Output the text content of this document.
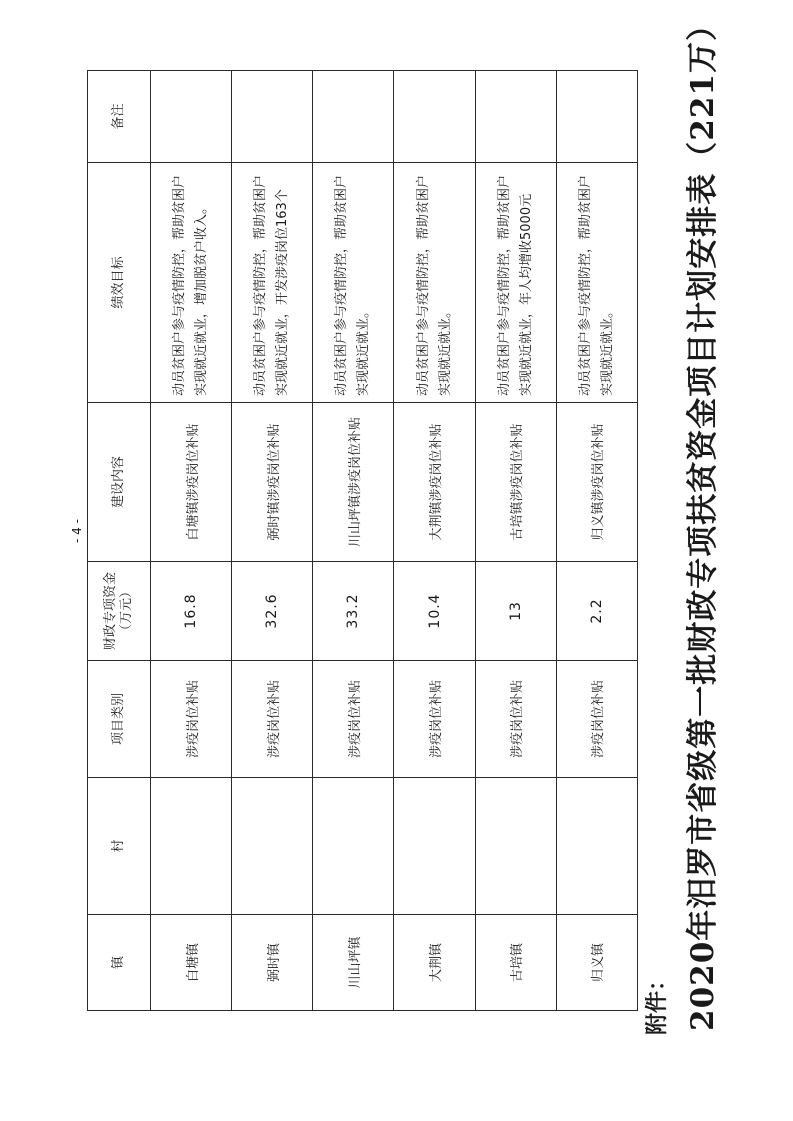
附件： 2020年汨罗市省级第一批财政专项扶贫资金项目计划安排表（221万）
镇	村	项目类别	财政专项资金（万元）	建设内容	绩效目标	备注
白塘镇		涉疫岗位补贴	16.8	白塘镇涉疫岗位补贴	动员贫困户参与疫情防控，帮助贫困户实现就近就业，增加脱贫户收入。	
弼时镇		涉疫岗位补贴	32.6	弼时镇涉疫岗位补贴	动员贫困户参与疫情防控，帮助贫困户实现就近就业，开发涉疫岗位163个	
川山坪镇		涉疫岗位补贴	33.2	川山坪镇涉疫岗位补贴	动员贫困户参与疫情防控，帮助贫困户实现就近就业。	
大荆镇		涉疫岗位补贴	10.4	大荆镇涉疫岗位补贴	动员贫困户参与疫情防控，帮助贫困户实现就近就业。	
古培镇		涉疫岗位补贴	13	古培镇涉疫岗位补贴	动员贫困户参与疫情防控，帮助贫困户实现就近就业，年人均增收5000元	
归义镇		涉疫岗位补贴	2.2	归义镇涉疫岗位补贴	动员贫困户参与疫情防控，帮助贫困户实现就近就业。	
- 4 -
